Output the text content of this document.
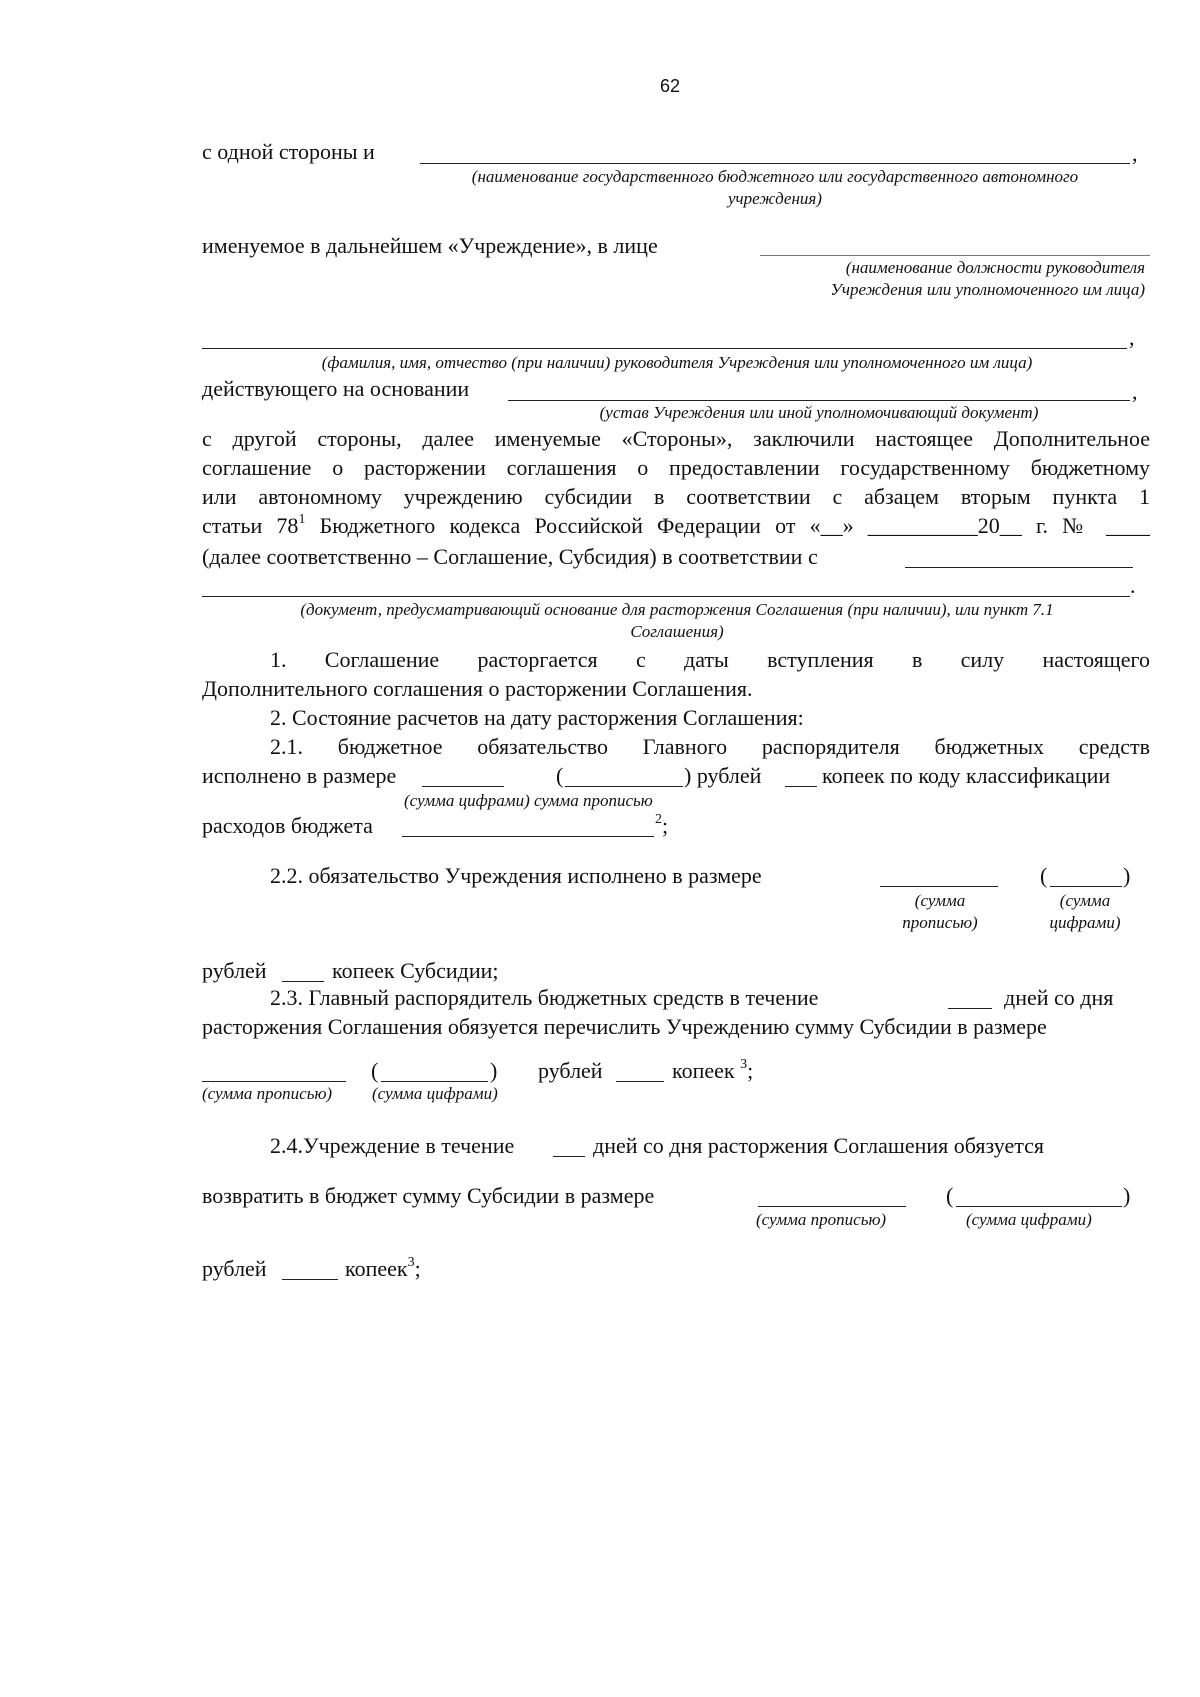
62
с одной стороны и	,
(наименование государственного бюджетного или государственного автономного
учреждения)
именуемое в дальнейшем «Учреждение», в лице
(наименование должности руководителя
Учреждения или уполномоченного им лица)
,
(фамилия, имя, отчество (при наличии) руководителя Учреждения или уполномоченного им лица)
действующего на основании	,
(устав Учреждения или иной уполномочивающий документ)
с другой стороны, далее именуемые «Стороны», заключили настоящее Дополнительное
соглашение о расторжении соглашения о предоставлении государственному бюджетному
или автономному учреждению субсидии в соответствии с абзацем вторым пункта 1
статьи $78^1$ Бюджетного кодекса Российской Федерации от «__» __________20__ г. № ____
(далее соответственно – Соглашение, Субсидия) в соответствии с
.
(документ, предусматривающий основание для расторжения Соглашения (при наличии), или пункт 7.1
Соглашения)
1. Соглашение расторгается с даты вступления в силу настоящего
Дополнительного соглашения о расторжении Соглашения.
2. Состояние расчетов на дату расторжения Соглашения:
2.1. бюджетное обязательство Главного распорядителя бюджетных средств
исполнено в размере	(	) рублей	копеек по коду классификации
(сумма цифрами) сумма прописью
расходов бюджета	$^2$;
2.2. обязательство Учреждения исполнено в размере	(	)
(сумма
прописью)
(сумма
цифрами)
рублей	копеек Субсидии;
2.3. Главный распорядитель бюджетных средств в течение	дней со дня
расторжения Соглашения обязуется перечислить Учреждению сумму Субсидии в размере
(	) рублей	копеек $^3$;
(сумма прописью) (сумма цифрами)
2.4.Учреждение в течение	дней со дня расторжения Соглашения обязуется
возвратить в бюджет сумму Субсидии в размере	(	)
(сумма прописью)	(сумма цифрами)
рублей	копеек$^3$;
